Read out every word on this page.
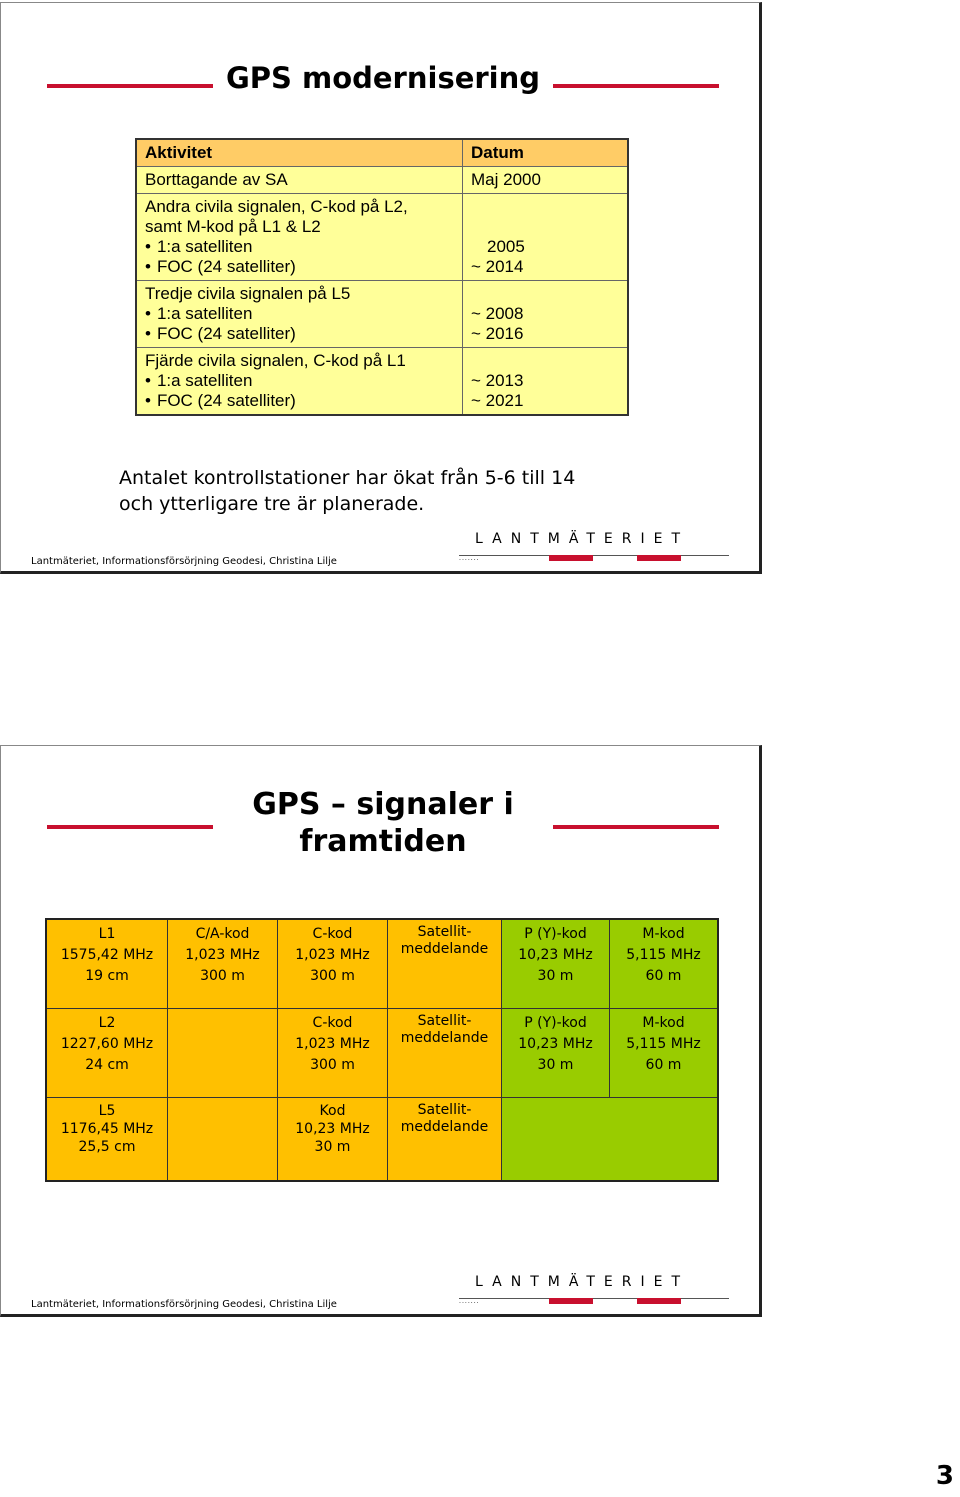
GPS modernisering
Aktivitet	Datum
Borttagande av SA	Maj 2000
Andra civila signalen, C-kod på L2,
samt M-kod på L1 & L2
• 1:a satelliten
• FOC (24 satelliter)
2005
~ 2014
Tredje civila signalen på L5
• 1:a satelliten
• FOC (24 satelliter)
~ 2008
~ 2016
Fjärde civila signalen, C-kod på L1
• 1:a satelliten
• FOC (24 satelliter)
~ 2013
~ 2021
Antalet kontrollstationer har ökat från 5-6 till 14
och ytterligare tre är planerade.
Lantmäteriet, Informationsförsörjning Geodesi, Christina Lilje
LANTMÄTERIET
.......
GPS – signaler i
framtiden
L1
1575,42 MHz
19 cm
C/A-kod
1,023 MHz
300 m
C-kod
1,023 MHz
300 m
Satellit-
meddelande
P (Y)-kod
10,23 MHz
30 m
M-kod
5,115 MHz
60 m
L2
1227,60 MHz
24 cm
C-kod
1,023 MHz
300 m
Satellit-
meddelande
P (Y)-kod
10,23 MHz
30 m
M-kod
5,115 MHz
60 m
L5
1176,45 MHz
25,5 cm
Kod
10,23 MHz
30 m
Satellit-
meddelande
Lantmäteriet, Informationsförsörjning Geodesi, Christina Lilje
LANTMÄTERIET
.......
3
